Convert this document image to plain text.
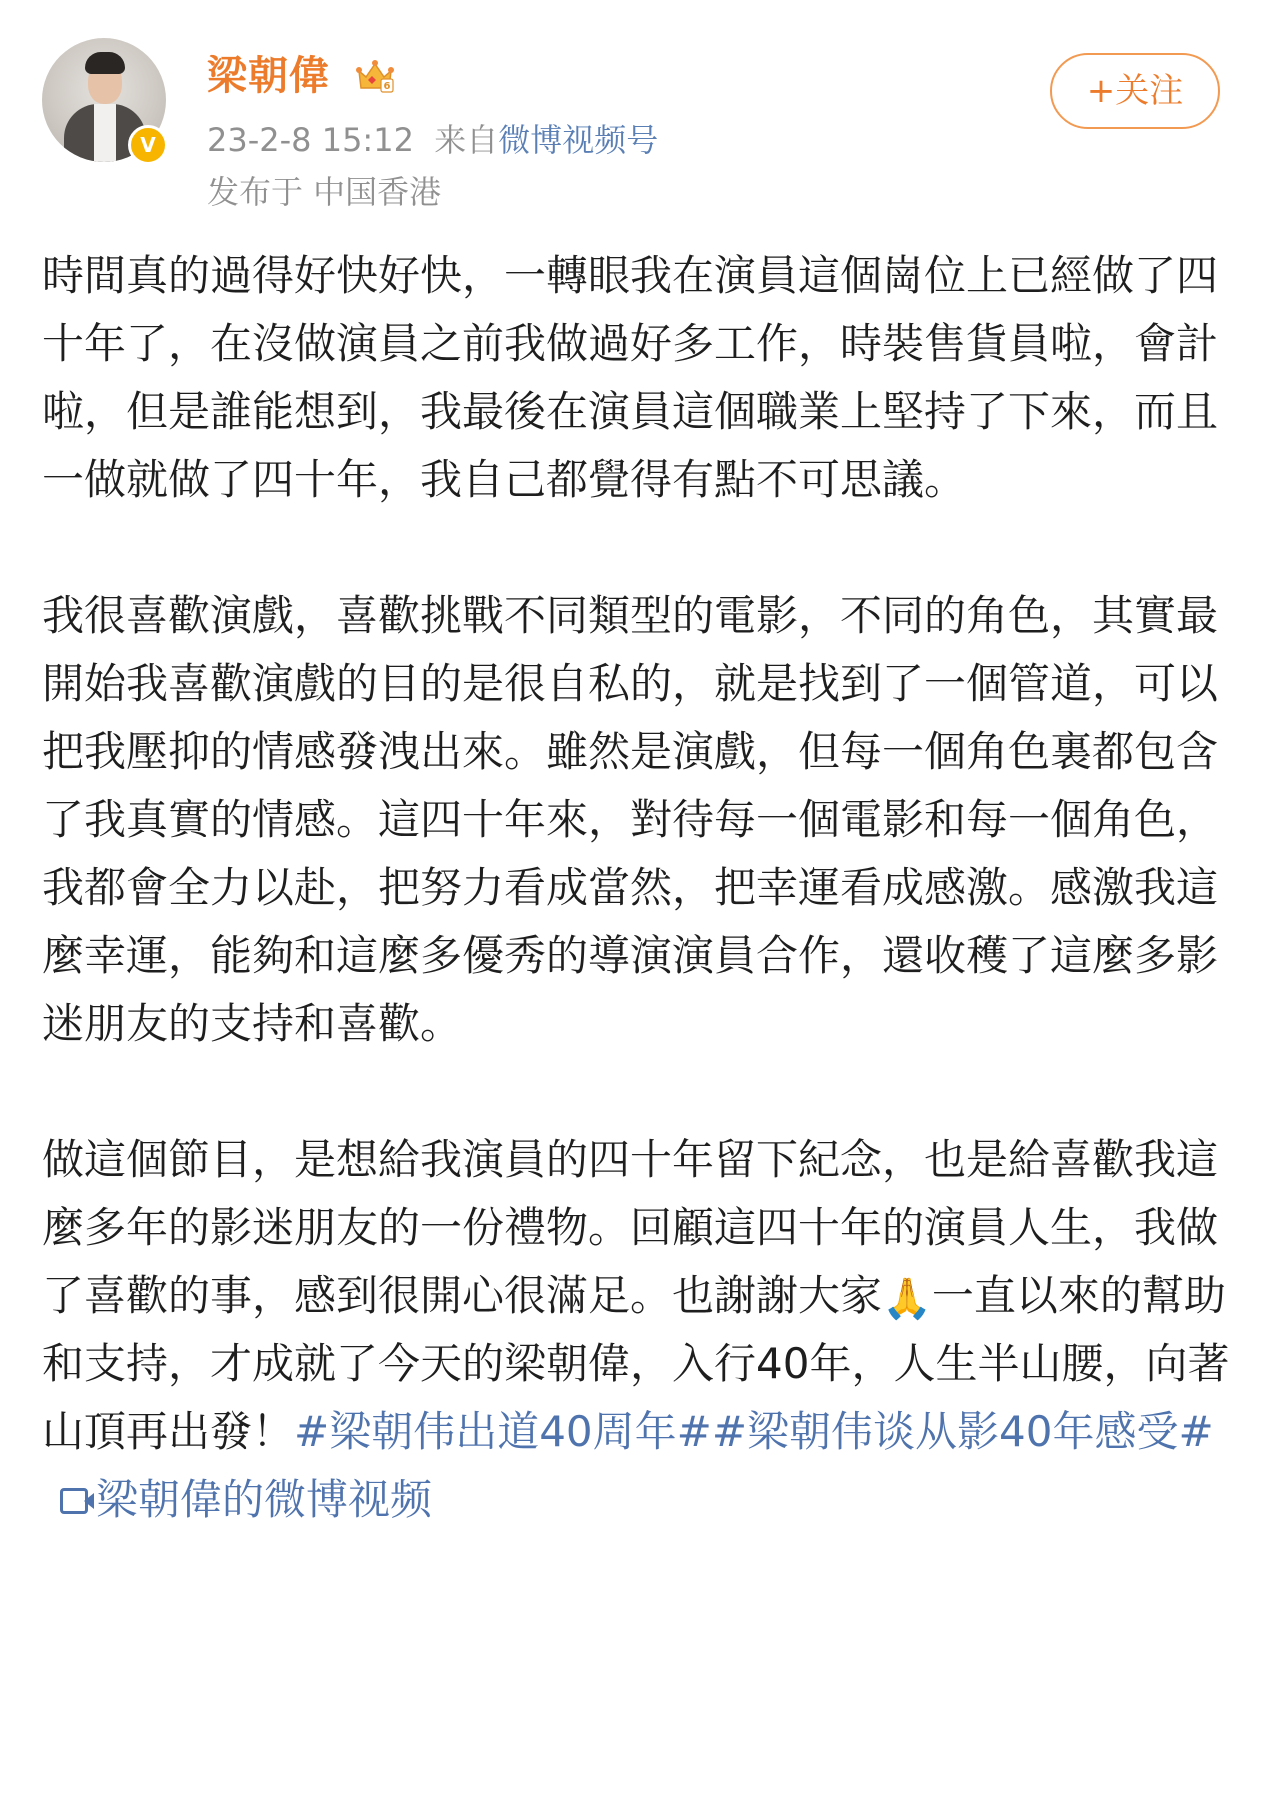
V
梁朝偉	6
23-2-8 15:12 来自微博视频号
发布于 中国香港
+关注

時間真的過得好快好快，一轉眼我在演員這個崗位上已經做了四十年了，在沒做演員之前我做過好多工作，時裝售貨員啦，會計啦，但是誰能想到，我最後在演員這個職業上堅持了下來，而且一做就做了四十年，我自己都覺得有點不可思議。

我很喜歡演戲，喜歡挑戰不同類型的電影，不同的角色，其實最開始我喜歡演戲的目的是很自私的，就是找到了一個管道，可以把我壓抑的情感發洩出來。雖然是演戲，但每一個角色裏都包含了我真實的情感。這四十年來，對待每一個電影和每一個角色，我都會全力以赴，把努力看成當然，把幸運看成感激。感激我這麼幸運，能夠和這麼多優秀的導演演員合作，還收穫了這麼多影迷朋友的支持和喜歡。

做這個節目，是想給我演員的四十年留下紀念，也是給喜歡我這麼多年的影迷朋友的一份禮物。回顧這四十年的演員人生，我做了喜歡的事，感到很開心很滿足。也謝謝大家🙏一直以來的幫助和支持，才成就了今天的梁朝偉，入行40年，人生半山腰，向著山頂再出發！#梁朝伟出道40周年##梁朝伟谈从影40年感受#
梁朝偉的微博视频
